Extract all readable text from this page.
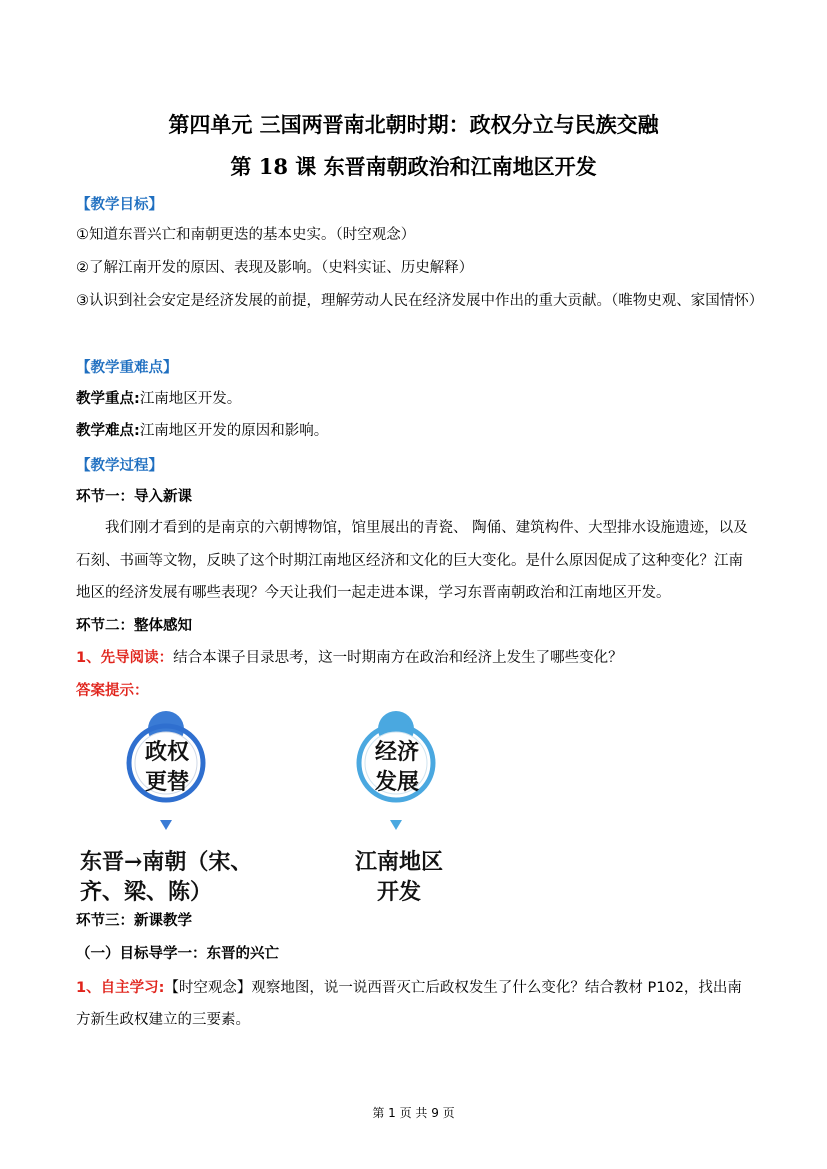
第四单元 三国两晋南北朝时期：政权分立与民族交融
第 18 课 东晋南朝政治和江南地区开发
【教学目标】
①知道东晋兴亡和南朝更迭的基本史实。（时空观念）
②了解江南开发的原因、表现及影响。（史料实证、历史解释）
③认识到社会安定是经济发展的前提，理解劳动人民在经济发展中作出的重大贡献。（唯物史观、家国情怀）
【教学重难点】
教学重点:江南地区开发。
教学难点:江南地区开发的原因和影响。
【教学过程】
环节一：导入新课
我们刚才看到的是南京的六朝博物馆，馆里展出的青瓷、 陶俑、建筑构件、大型排水设施遗迹，以及石刻、书画等文物，反映了这个时期江南地区经济和文化的巨大变化。是什么原因促成了这种变化？江南地区的经济发展有哪些表现？今天让我们一起走进本课，学习东晋南朝政治和江南地区开发。
环节二：整体感知
1、先导阅读：结合本课子目录思考，这一时期南方在政治和经济上发生了哪些变化？
答案提示：
政权
更替
东晋→南朝（宋、
齐、梁、陈）
经济
发展
江南地区
开发
环节三：新课教学
（一）目标导学一：东晋的兴亡
1、自主学习:【时空观念】观察地图，说一说西晋灭亡后政权发生了什么变化？结合教材 P102，找出南方新生政权建立的三要素。
第 1 页 共 9 页
